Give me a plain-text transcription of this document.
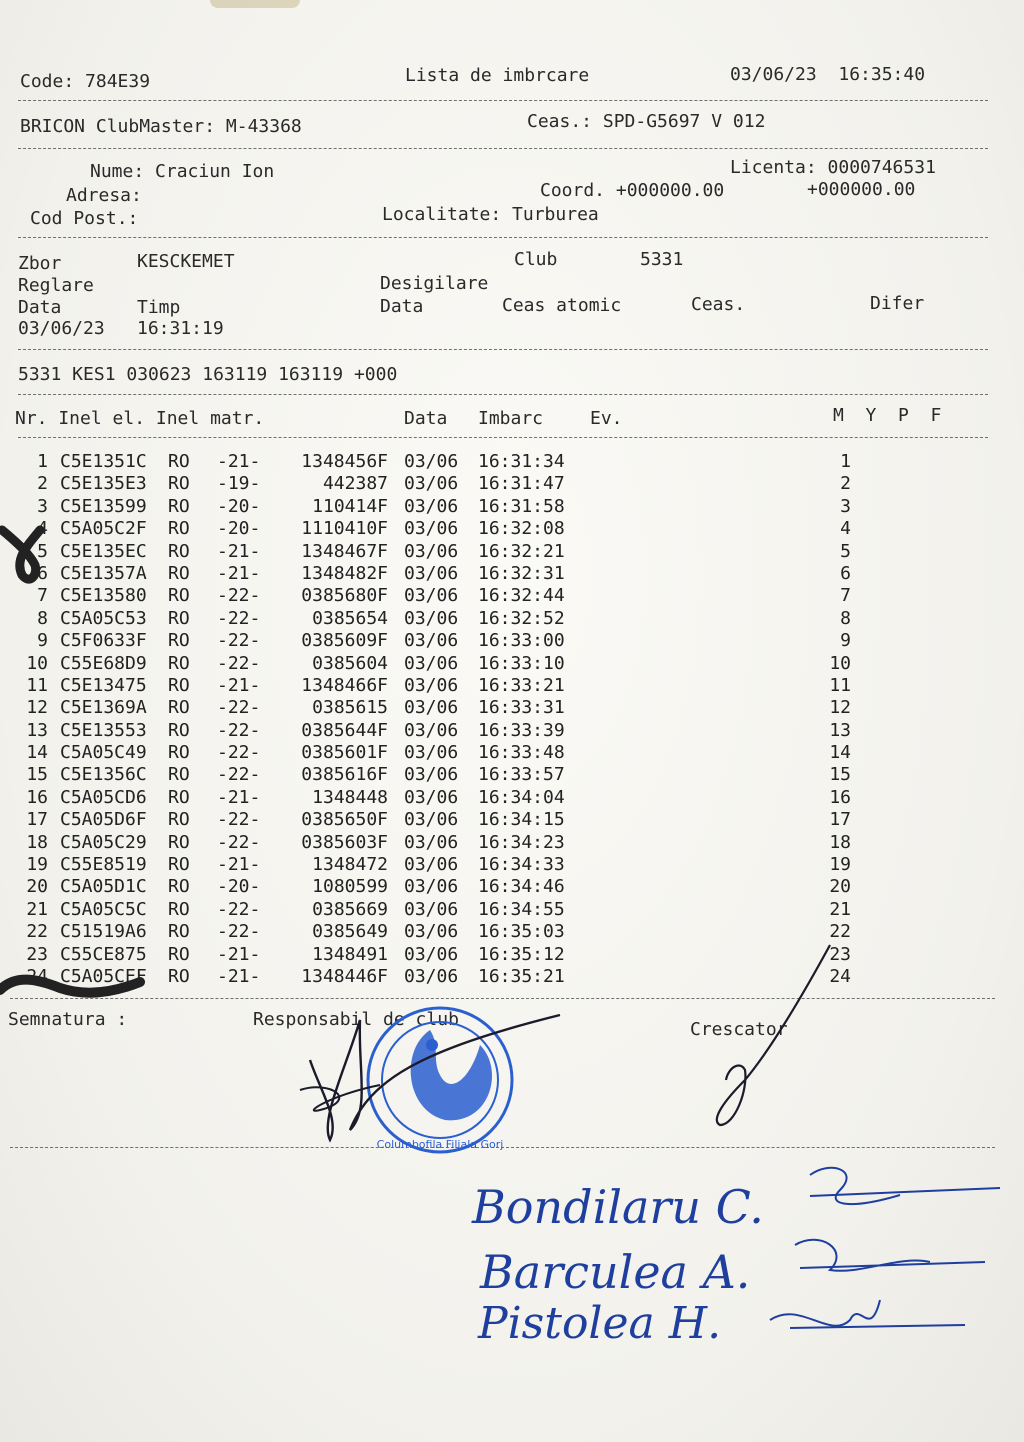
Code: 784E39	Lista de imbrcare	03/06/23  16:35:40
BRICON ClubMaster: M-43368	Ceas.: SPD-G5697 V 012
Nume: Craciun Ion	Licenta: 0000746531
Adresa:	Coord. +000000.00	+000000.00
Cod Post.:	Localitate: Turburea
Zbor	KESCKEMET	Club	5331
Reglare	Desigilare
Data	Timp	Data	Ceas atomic	Ceas.	Difer
03/06/23 16:31:19
5331 KES1 030623 163119 163119 +000
Nr. Inel el. Inel matr.	Data Imbarc	Ev.	M  Y  P  F
1 C5E1351C RO -21-	1348456F 03/06 16:31:34	1
2 C5E135E3 RO -19-	442387 03/06 16:31:47	2
3 C5E13599 RO -20-	110414F 03/06 16:31:58	3
4 C5A05C2F RO -20-	1110410F 03/06 16:32:08	4
5 C5E135EC RO -21-	1348467F 03/06 16:32:21	5
6 C5E1357A RO -21-	1348482F 03/06 16:32:31	6
7 C5E13580 RO -22-	0385680F 03/06 16:32:44	7
8 C5A05C53 RO -22-	0385654 03/06 16:32:52	8
9 C5F0633F RO -22-	0385609F 03/06 16:33:00	9
10 C55E68D9 RO -22-	0385604 03/06 16:33:10	10
11 C5E13475 RO -21-	1348466F 03/06 16:33:21	11
12 C5E1369A RO -22-	0385615 03/06 16:33:31	12
13 C5E13553 RO -22-	0385644F 03/06 16:33:39	13
14 C5A05C49 RO -22-	0385601F 03/06 16:33:48	14
15 C5E1356C RO -22-	0385616F 03/06 16:33:57	15
16 C5A05CD6 RO -21-	1348448 03/06 16:34:04	16
17 C5A05D6F RO -22-	0385650F 03/06 16:34:15	17
18 C5A05C29 RO -22-	0385603F 03/06 16:34:23	18
19 C55E8519 RO -21-	1348472 03/06 16:34:33	19
20 C5A05D1C RO -20-	1080599 03/06 16:34:46	20
21 C5A05C5C RO -22-	0385669 03/06 16:34:55	21
22 C51519A6 RO -22-	0385649 03/06 16:35:03	22
23 C55CE875 RO -21-	1348491 03/06 16:35:12	23
24 C5A05CEF RO -21-	1348446F 03/06 16:35:21	24
Semnatura :	Responsabil de club	Crescator
Columbofila Filiala Gorj
Bondilaru C.
Barculea A.
Pistolea H.
